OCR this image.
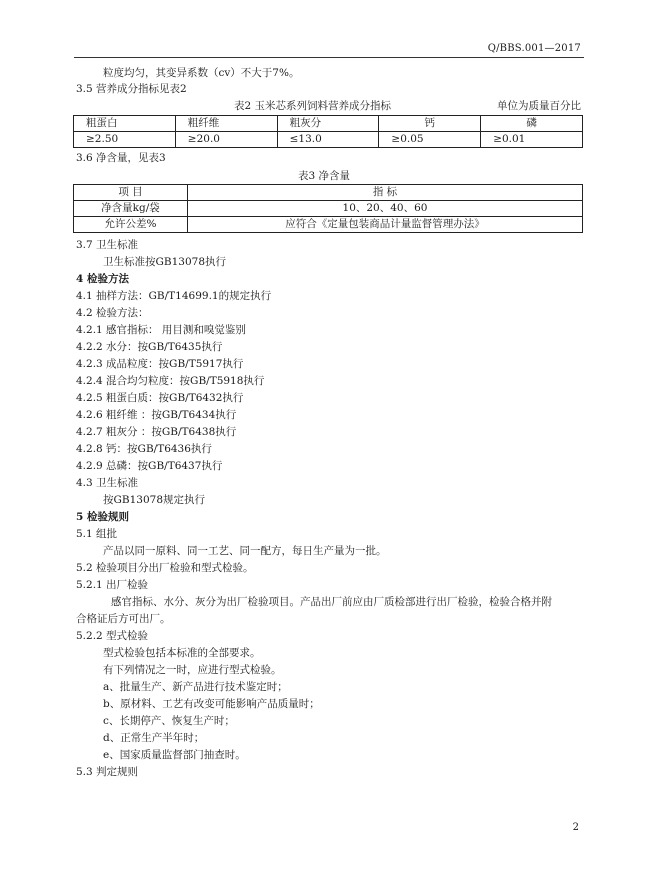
Q/BBS.001—2017
粒度均匀，其变异系数（cv）不大于7%。
3.5 营养成分指标见表2
3.6 净含量，见表3
3.7 卫生标准
卫生标准按GB13078执行
4 检验方法
4.1 抽样方法：GB/T14699.1的规定执行
4.2 检验方法：
4.2.1 感官指标： 用目测和嗅觉鉴别
4.2.2 水分：按GB/T6435执行
4.2.3 成品粒度：按GB/T5917执行
4.2.4 混合均匀粒度：按GB/T5918执行
4.2.5 粗蛋白质：按GB/T6432执行
4.2.6 粗纤维 ：按GB/T6434执行
4.2.7 粗灰分 ：按GB/T6438执行
4.2.8 钙：按GB/T6436执行
4.2.9 总磷：按GB/T6437执行
4.3 卫生标准
按GB13078规定执行
5 检验规则
5.1 组批
产品以同一原料、同一工艺、同一配方，每日生产量为一批。
5.2 检验项目分出厂检验和型式检验。
5.2.1 出厂检验
感官指标、水分、灰分为出厂检验项目。产品出厂前应由厂质检部进行出厂检验，检验合格并附
合格证后方可出厂。
5.2.2 型式检验
型式检验包括本标准的全部要求。
有下列情况之一时，应进行型式检验。
a、批量生产、新产品进行技术鉴定时；
b、原材料、工艺有改变可能影响产品质量时；
c、长期停产、恢复生产时；
d、正常生产半年时；
e、国家质量监督部门抽查时。
5.3 判定规则
表2 玉米芯系列饲料营养成分指标	单位为质量百分比
粗蛋白	粗纤维	粗灰分	钙	磷
≥2.50	≥20.0	≤13.0	≥0.05	≥0.01
表3 净含量
项 目	指 标
净含量kg/袋	10、20、40、60
允许公差%	应符合《定量包装商品计量监督管理办法》
2
